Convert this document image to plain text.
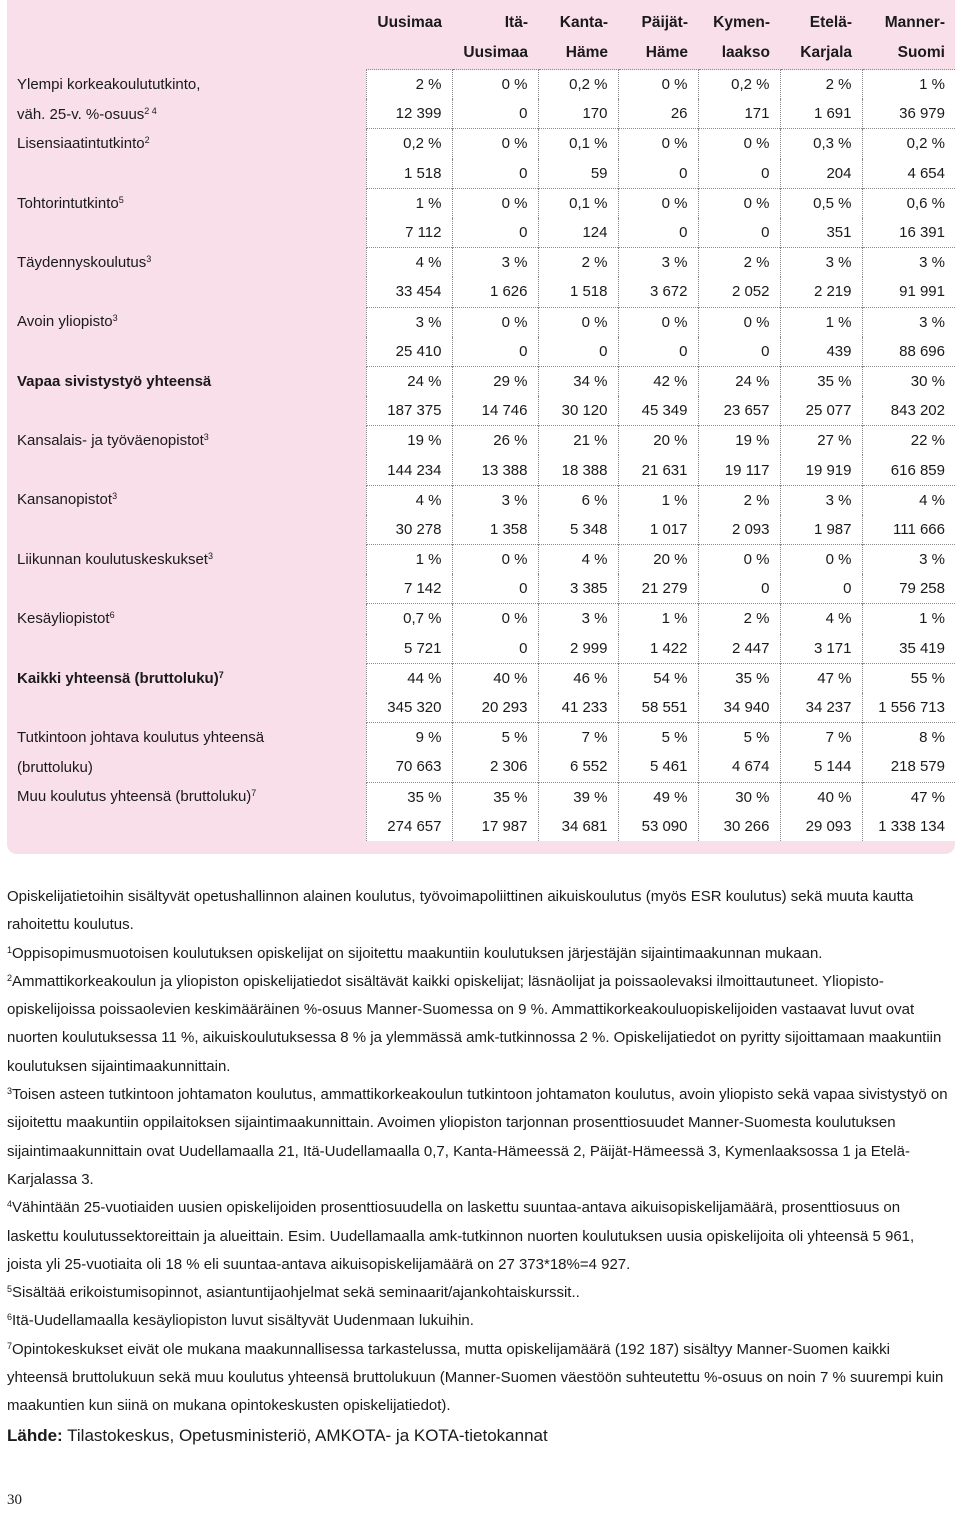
	Uusimaa	Itä-	Kanta-	Päijät-	Kymen-	Etelä-	Manner-
		Uusimaa	Häme	Häme	laakso	Karjala	Suomi
Ylempi korkeakoulututkinto,	2 %	0 %	0,2 %	0 %	0,2 %	2 %	1 %
väh. 25-v. %-osuus$^{2 4}$	12 399	0	170	26	171	1 691	36 979
Lisensiaatintutkinto$^2$	0,2 %	0 %	0,1 %	0 %	0 %	0,3 %	0,2 %
	1 518	0	59	0	0	204	4 654
Tohtorintutkinto$^5$	1 %	0 %	0,1 %	0 %	0 %	0,5 %	0,6 %
	7 112	0	124	0	0	351	16 391
Täydennyskoulutus$^3$	4 %	3 %	2 %	3 %	2 %	3 %	3 %
	33 454	1 626	1 518	3 672	2 052	2 219	91 991
Avoin yliopisto$^3$	3 %	0 %	0 %	0 %	0 %	1 %	3 %
	25 410	0	0	0	0	439	88 696
Vapaa sivistystyö yhteensä	24 %	29 %	34 %	42 %	24 %	35 %	30 %
	187 375	14 746	30 120	45 349	23 657	25 077	843 202
Kansalais- ja työväenopistot$^3$	19 %	26 %	21 %	20 %	19 %	27 %	22 %
	144 234	13 388	18 388	21 631	19 117	19 919	616 859
Kansanopistot$^3$	4 %	3 %	6 %	1 %	2 %	3 %	4 %
	30 278	1 358	5 348	1 017	2 093	1 987	111 666
Liikunnan koulutuskeskukset$^3$	1 %	0 %	4 %	20 %	0 %	0 %	3 %
	7 142	0	3 385	21 279	0	0	79 258
Kesäyliopistot$^6$	0,7 %	0 %	3 %	1 %	2 %	4 %	1 %
	5 721	0	2 999	1 422	2 447	3 171	35 419
Kaikki yhteensä (bruttoluku)$^7$	44 %	40 %	46 %	54 %	35 %	47 %	55 %
	345 320	20 293	41 233	58 551	34 940	34 237	1 556 713
Tutkintoon johtava koulutus yhteensä	9 %	5 %	7 %	5 %	5 %	7 %	8 %
(bruttoluku)	70 663	2 306	6 552	5 461	4 674	5 144	218 579
Muu koulutus yhteensä (bruttoluku)$^7$	35 %	35 %	39 %	49 %	30 %	40 %	47 %
	274 657	17 987	34 681	53 090	30 266	29 093	1 338 134

Opiskelijatietoihin sisältyvät opetushallinnon alainen koulutus, työvoimapoliittinen aikuiskoulutus (myös ESR koulutus) sekä muuta kautta rahoitettu koulutus.

$^1$Oppisopimusmuotoisen koulutuksen opiskelijat on sijoitettu maakuntiin koulutuksen järjestäjän sijaintimaakunnan mukaan.

$^2$Ammattikorkeakoulun ja yliopiston opiskelijatiedot sisältävät kaikki opiskelijat; läsnäolijat ja poissaolevaksi ilmoittautuneet. Yliopisto-opiskelijoissa poissaolevien keskimääräinen %-osuus Manner-Suomessa on 9 %. Ammattikorkeakouluopiskelijoiden vastaavat luvut ovat nuorten koulutuksessa 11 %, aikuiskoulutuksessa 8 % ja ylemmässä amk-tutkinnossa 2 %. Opiskelijatiedot on pyritty sijoittamaan maakuntiin koulutuksen sijaintimaakunnittain.

$^3$Toisen asteen tutkintoon johtamaton koulutus, ammattikorkeakoulun tutkintoon johtamaton koulutus, avoin yliopisto sekä vapaa sivistystyö on sijoitettu maakuntiin oppilaitoksen sijaintimaakunnittain. Avoimen yliopiston tarjonnan prosenttiosuudet Manner-Suomesta koulutuksen sijaintimaakunnittain ovat Uudellamaalla 21, Itä-Uudellamaalla 0,7, Kanta-Hämeessä 2, Päijät-Hämeessä 3, Kymenlaaksossa 1 ja Etelä-Karjalassa 3.

$^4$Vähintään 25-vuotiaiden uusien opiskelijoiden prosenttiosuudella on laskettu suuntaa-antava aikuisopiskelijamäärä, prosenttiosuus on laskettu koulutussektoreittain ja alueittain. Esim. Uudellamaalla amk-tutkinnon nuorten koulutuksen uusia opiskelijoita oli yhteensä 5 961, joista yli 25-vuotiaita oli 18 % eli suuntaa-antava aikuisopiskelijamäärä on 27 373*18%=4 927.

$^5$Sisältää erikoistumisopinnot, asiantuntijaohjelmat sekä seminaarit/ajankohtaiskurssit..

$^6$Itä-Uudellamaalla kesäyliopiston luvut sisältyvät Uudenmaan lukuihin.

$^7$Opintokeskukset eivät ole mukana maakunnallisessa tarkastelussa, mutta opiskelijamäärä (192 187) sisältyy Manner-Suomen kaikki yhteensä bruttolukuun sekä muu koulutus yhteensä bruttolukuun (Manner-Suomen väestöön suhteutettu %-osuus on noin 7 % suurempi kuin maakuntien kun siinä on mukana opintokeskusten opiskelijatiedot).

Lähde: Tilastokeskus, Opetusministeriö, AMKOTA- ja KOTA-tietokannat

30
